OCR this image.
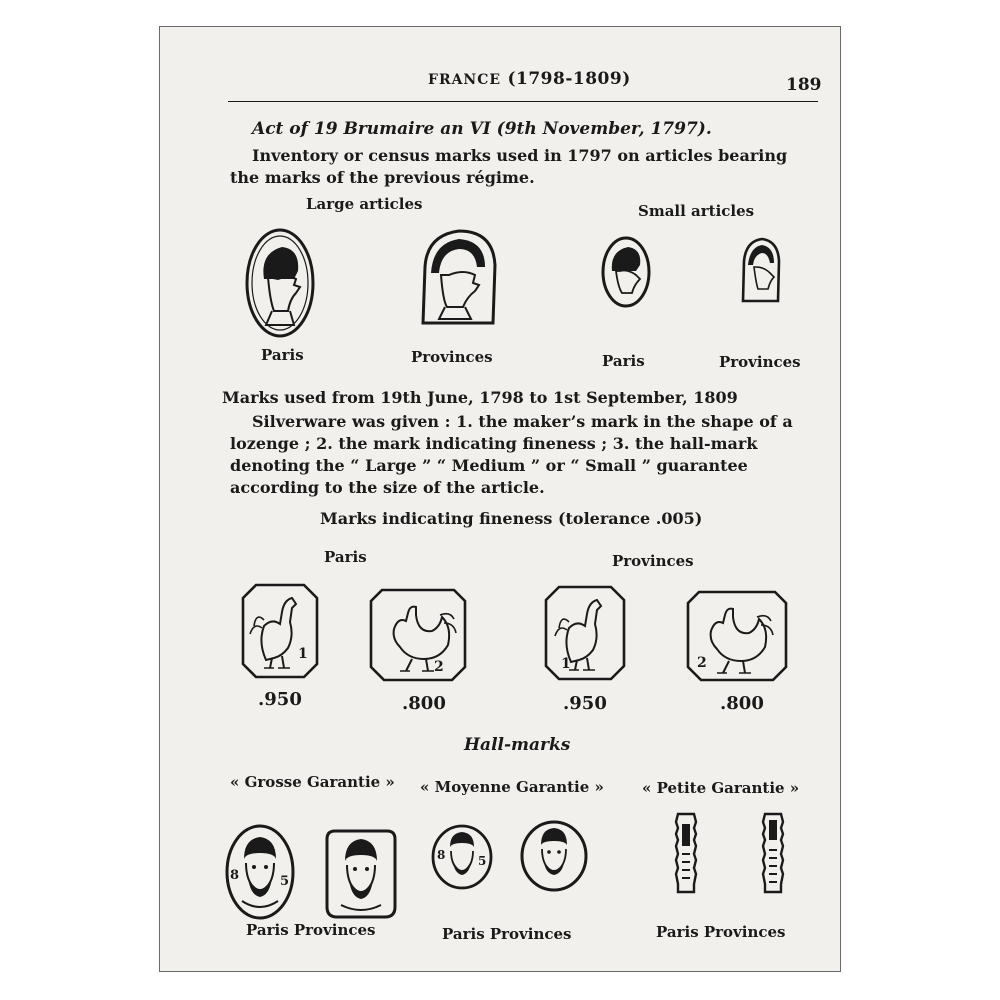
FRANCE (1798-1809)	189
Act of 19 Brumaire an VI (9th November, 1797).
Inventory or census marks used in 1797 on articles bearing the marks of the previous régime.
Large articles	Small articles
Paris	Provinces	Paris	Provinces
Marks used from 19th June, 1798 to 1st September, 1809
Silverware was given : 1. the maker’s mark in the shape of a lozenge ; 2. the mark indicating fineness ; 3. the hall-mark denoting the “ Large ” “ Medium ” or “ Small ” guarantee according to the size of the article.
Marks indicating fineness (tolerance .005)
Paris	Provinces
1
2	1	2
.950	.800	.950	.800
Hall-marks
« Grosse Garantie » « Moyenne Garantie »	« Petite Garantie »
8	5
8	5
Paris Provinces	Paris Provinces	Paris Provinces
